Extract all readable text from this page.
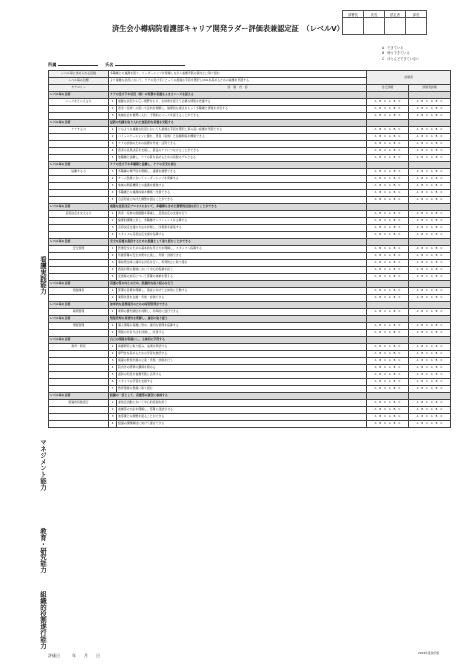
済生会小樽病院看護部キャリア開発ラダー評価表兼認定証　（レベルⅤ）
部署長	次長	認定者	部長

A　できている
B　時々できている
C　ほとんどできていない
所属	氏名
レベル毎に求められる役割	多職種との連携を図り、リーダーシップを発揮しながら看護実践の質向上に取り組む		評価者	
レベル毎の目標	より複雑な状況において、ケアの受け手にとっての最適な手段を選択しQOLを高めるための看護を実践する			
カテゴリー	評　価　内　容		自己評価	評価者評価
レベル毎の目標	ケアの受け手や状況（場）の特徴や看護をふまえニーズを捉える			
ニーズをとらえる力	1	複雑な状況から広い視野をもち、全体像を捉えて必要な情報を把握する	A　B　C　A　B　C	A　B　C　A　B　C
	2	患者（家族）の思いや意向を理解し、倫理的な視点をもって多職種と情報を共有する	A　B　C　A　B　C	A　B　C　A　B　C
	3	地域社会を視野に入れ、予測的にニーズを捉えることができる	A　B　C　A　B　C	A　B　C　A　B　C
レベル毎の目標	最新の知識を取り入れた創造的な看護を実践する			
ケアする力	1	どのような複雑な状況においても最適な手段を選択し質の高い看護を実践できる	A　B　C　A　B　C	A　B　C　A　B　C
	2	コミュニケーションに優れ、患者（家族）と信頼関係を構築できる	A　B　C　A　B　C	A　B　C　A　B　C
	3	ケアの評価のための指標を作成・活用できる	A　B　C　A　B　C	A　B　C　A　B　C
	4	患者の意思決定を支援し、最良のケアにつなげることができる	A　B　C　A　B　C	A　B　C　A　B　C
	5	他職種と協働し、ケアの質を高めるための役割モデルとなる	A　B　C　A　B　C	A　B　C　A　B　C
レベル毎の目標	ケアの受け手や多職種と協働し、ケアの充実を図る			
協働する力	1	多職種の専門性を理解し、連携を調整できる	A　B　C　A　B　C	A　B　C　A　B　C
	2	チーム医療においてリーダーシップを発揮する	A　B　C　A　B　C	A　B　C　A　B　C
	3	地域の関係機関との連携を推進する	A　B　C　A　B　C	A　B　C　A　B　C
	4	多職種との連携体制を構築・改善できる	A　B　C　A　B　C	A　B　C　A　B　C
	5	合意形成に向けた調整を図ることができる	A　B　C　A　B　C	A　B　C　A　B　C
レベル毎の目標	複雑な意思決定プロセスにおいて、多職種も含めた調整的役割を担うことができる			
意思決定を支える力	1	患者・家族の価値観を尊重し、意思決定の支援を行う	A　B　C　A　B　C	A　B　C　A　B　C
	2	倫理的課題に対し、多職種カンファレンスを主導する	A　B　C　A　B　C	A　B　C　A　B　C
	3	意思決定支援の方法を評価し、改善策を提案する	A　B　C　A　B　C	A　B　C　A　B　C
	4	スタッフの意思決定支援を指導する	A　B　C　A　B　C	A　B　C　A　B　C
レベル毎の目標	安全な看護を提供するために組織として取り組むことができる			
安全管理	1	医療安全のための基本的な考え方を理解し、スタッフへ指導する	A　B　C　A　B　C	A　B　C　A　B　C
	2	所属部署の安全対策を立案し、実施・評価できる	A　B　C　A　B　C	A　B　C　A　B　C
	3	事故発生時に適切な対応を行い、再発防止に取り組む	A　B　C　A　B　C	A　B　C　A　B　C
	4	感染対策の推進において中心的役割を担う	A　B　C　A　B　C	A　B　C　A　B　C
	5	災害時の対応について部署の体制を整える	A　B　C　A　B　C	A　B　C　A　B　C
レベル毎の目標	看護の質の向上のため、組織的な取り組みを行う			
組織運営	1	部署の目標を理解し、達成に向けて主体的に行動する	A　B　C　A　B　C	A　B　C　A　B　C
	2	業務改善を企画・実施・評価できる	A　B　C　A　B　C	A　B　C　A　B　C
レベル毎の目標	効率的な業務運営のための時間管理ができる			
時間管理	1	業務の優先順位を判断し、効率的に遂行できる	A　B　C　A　B　C	A　B　C　A　B　C
レベル毎の目標	情報管理の重要性を理解し、適切に取り扱う			
情報管理	1	個人情報の保護に努め、適切な管理を指導する	A　B　C　A　B　C	A　B　C　A　B　C
	2	情報の共有方法を評価し、改善する	A　B　C　A　B　C	A　B　C　A　B　C
レベル毎の目標	自己の課題を明確にし、主体的に学習する			
教育・研究	1	看護研究に取り組み、成果を発表する	A　B　C　A　B　C	A　B　C　A　B　C
	2	専門性を高めるための学習を継続する	A　B　C　A　B　C	A　B　C　A　B　C
	3	後輩の教育計画の立案・実施・評価を行う	A　B　C　A　B　C	A　B　C　A　B　C
	4	院内外の研修の講師を務める	A　B　C　A　B　C	A　B　C　A　B　C
	5	最新の知見を看護実践に活用する	A　B　C　A　B　C	A　B　C　A　B　C
	6	スタッフの学習を支援する	A　B　C　A　B　C	A　B　C　A　B　C
	7	教育環境の整備に取り組む	A　B　C　A　B　C	A　B　C　A　B　C
レベル毎の目標	組織の一員として、看護部の運営に参画する			
組織的役割遂行	1	委員会活動において中心的役割を担う	A　B　C　A　B　C	A　B　C　A　B　C
	2	看護部の方針を理解し、部署に浸透させる	A　B　C　A　B　C	A　B　C　A　B　C
	3	他部署との調整を図ることができる	A　B　C　A　B　C	A　B　C　A　B　C
	4	組織の課題解決に向けて提言できる	A　B　C　A　B　C	A　B　C　A　B　C
看護実践能力
マネジメント能力
教育・研究能力
組織的役割遂行能力
評価日　　　年　　月　　日	2019年度改訂版
